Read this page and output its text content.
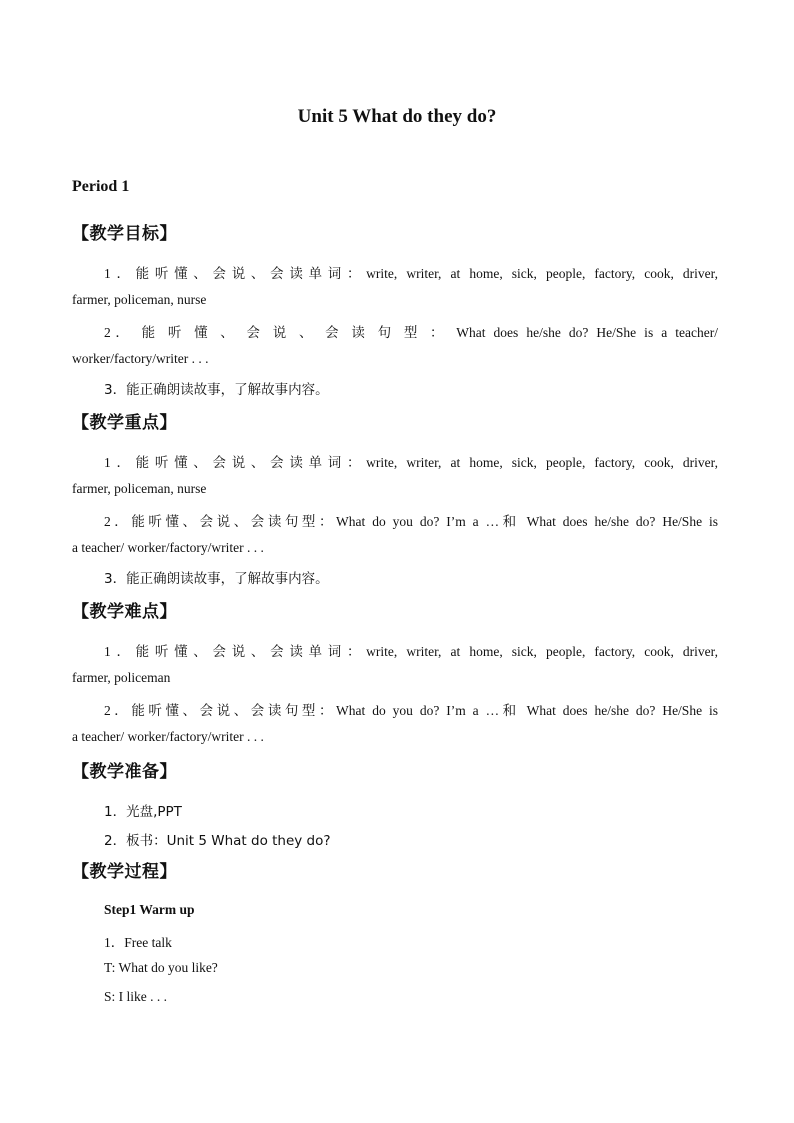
Unit 5 What do they do?
Period 1
【教学目标】
1．能听懂、会说、会读单词：write, writer, at home, sick, people, factory, cook, driver,
farmer, policeman, nurse
2． 能 听 懂 、 会 说 、 会 读 句 型 ： What does he/she do? He/She is a teacher/
worker/factory/writer . . .
3．能正确朗读故事，了解故事内容。
【教学重点】
1．能听懂、会说、会读单词：write, writer, at home, sick, people, factory, cook, driver,
farmer, policeman, nurse
2．能听懂、会说、会读句型：What do you do? I’m a …和 What does he/she do? He/She is
a teacher/ worker/factory/writer . . .
3．能正确朗读故事，了解故事内容。
【教学难点】
1．能听懂、会说、会读单词：write, writer, at home, sick, people, factory, cook, driver,
farmer, policeman
2．能听懂、会说、会读句型：What do you do? I’m a …和 What does he/she do? He/She is
a teacher/ worker/factory/writer . . .
【教学准备】
1．光盘,PPT
2．板书：Unit 5 What do they do?
【教学过程】
Step1 Warm up
1．Free talk
T: What do you like?
S: I like . . .
